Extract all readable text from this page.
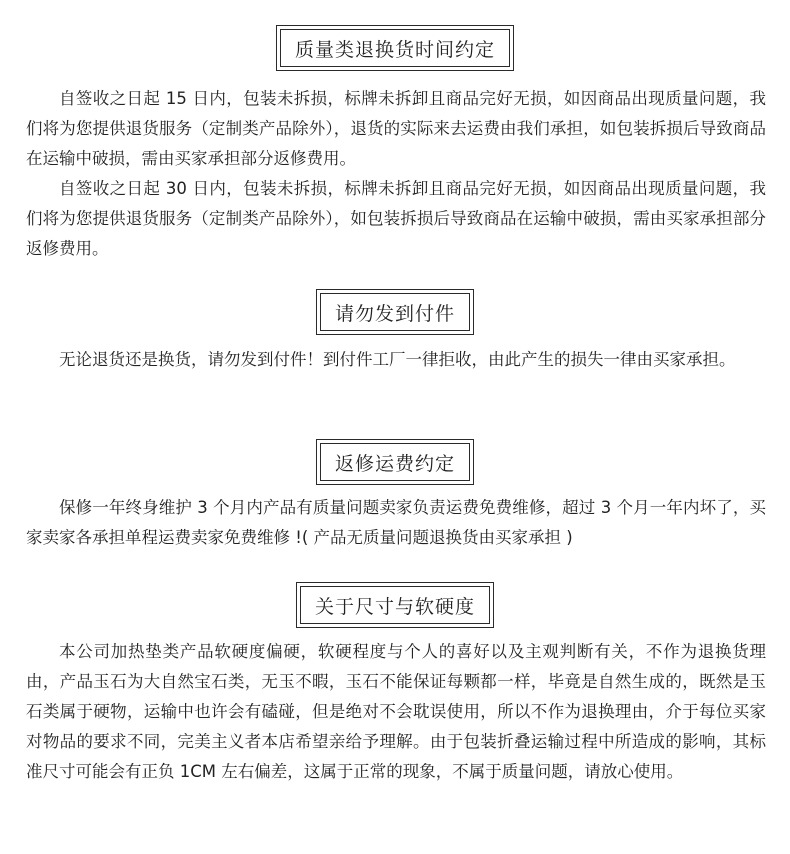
质量类退换货时间约定

自签收之日起 15 日内，包装未拆损，标牌未拆卸且商品完好无损，如因商品出现质量问题，我们将为您提供退货服务（定制类产品除外），退货的实际来去运费由我们承担，如包装拆损后导致商品在运输中破损，需由买家承担部分返修费用。

自签收之日起 30 日内，包装未拆损，标牌未拆卸且商品完好无损，如因商品出现质量问题，我们将为您提供退货服务（定制类产品除外），如包装拆损后导致商品在运输中破损，需由买家承担部分返修费用。

请勿发到付件

无论退货还是换货，请勿发到付件！到付件工厂一律拒收，由此产生的损失一律由买家承担。

返修运费约定

保修一年终身维护 3 个月内产品有质量问题卖家负责运费免费维修，超过 3 个月一年内坏了，买家卖家各承担单程运费卖家免费维修 !( 产品无质量问题退换货由买家承担 )

关于尺寸与软硬度

本公司加热垫类产品软硬度偏硬，软硬程度与个人的喜好以及主观判断有关，不作为退换货理由，产品玉石为大自然宝石类，无玉不暇，玉石不能保证每颗都一样，毕竟是自然生成的，既然是玉石类属于硬物，运输中也许会有磕碰，但是绝对不会耽误使用，所以不作为退换理由，介于每位买家对物品的要求不同，完美主义者本店希望亲给予理解。由于包装折叠运输过程中所造成的影响，其标准尺寸可能会有正负 1CM 左右偏差，这属于正常的现象，不属于质量问题，请放心使用。
